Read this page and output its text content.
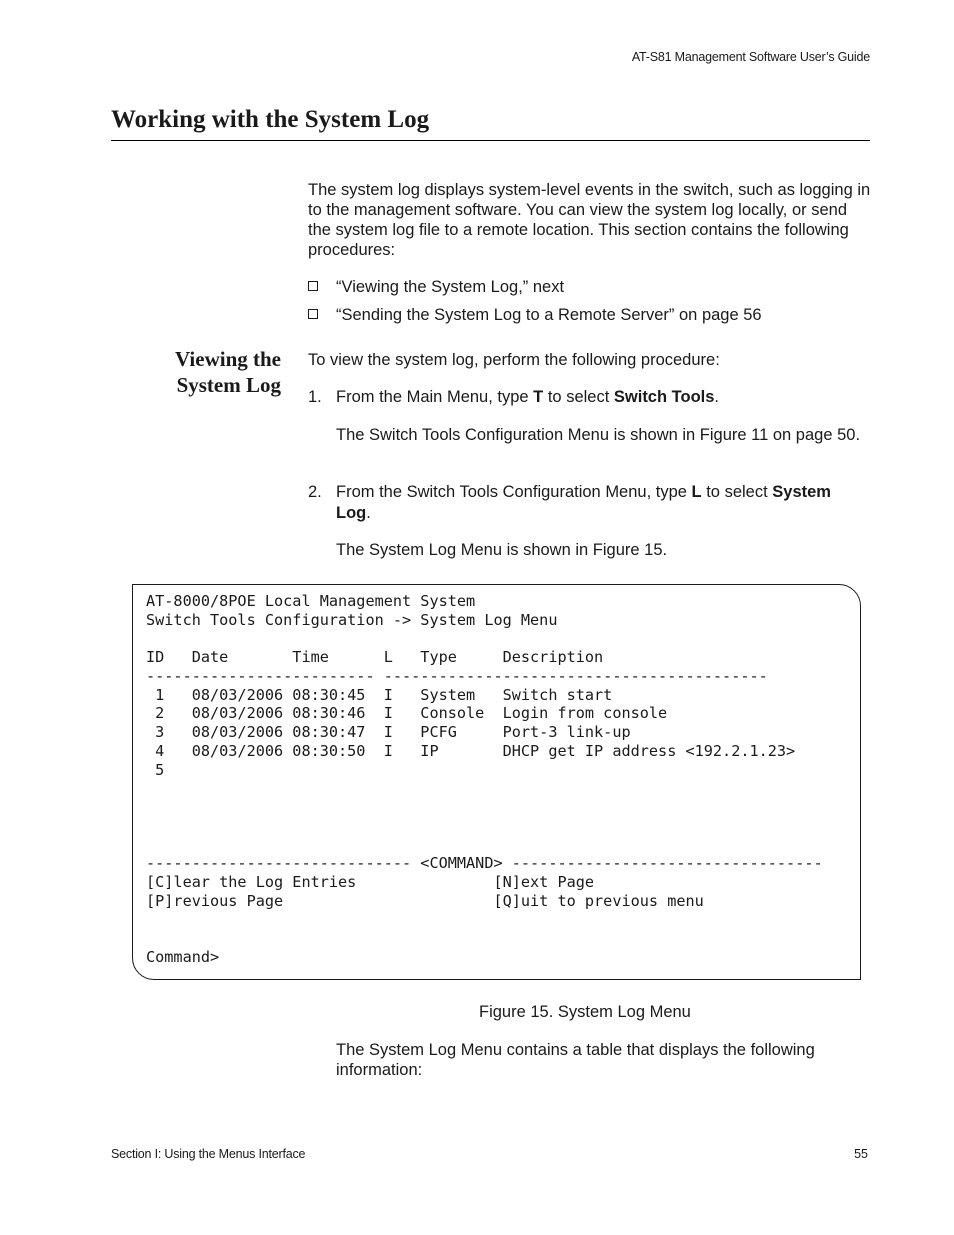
AT-S81 Management Software User’s Guide
Working with the System Log
The system log displays system-level events in the switch, such as logging in to the management software. You can view the system log locally, or send the system log file to a remote location. This section contains the following procedures:
“Viewing the System Log,” next
“Sending the System Log to a Remote Server” on page 56
Viewing the
System Log
To view the system log, perform the following procedure:
1. From the Main Menu, type T to select Switch Tools.
The Switch Tools Configuration Menu is shown in Figure 11 on page 50.
2. From the Switch Tools Configuration Menu, type L to select System Log.
The System Log Menu is shown in Figure 15.
AT-8000/8POE Local Management System
Switch Tools Configuration -> System Log Menu
ID   Date       Time      L   Type     Description
------------------------- ------------------------------------------
1   08/03/2006 08:30:45  I   System   Switch start
2   08/03/2006 08:30:46  I   Console  Login from console
3   08/03/2006 08:30:47  I   PCFG     Port-3 link-up
4   08/03/2006 08:30:50  I   IP       DHCP get IP address <192.2.1.23>
5
----------------------------- <COMMAND> ----------------------------------
[C]lear the Log Entries               [N]ext Page
[P]revious Page                       [Q]uit to previous menu
Command>
Figure 15. System Log Menu
The System Log Menu contains a table that displays the following information:
Section I: Using the Menus Interface	55
